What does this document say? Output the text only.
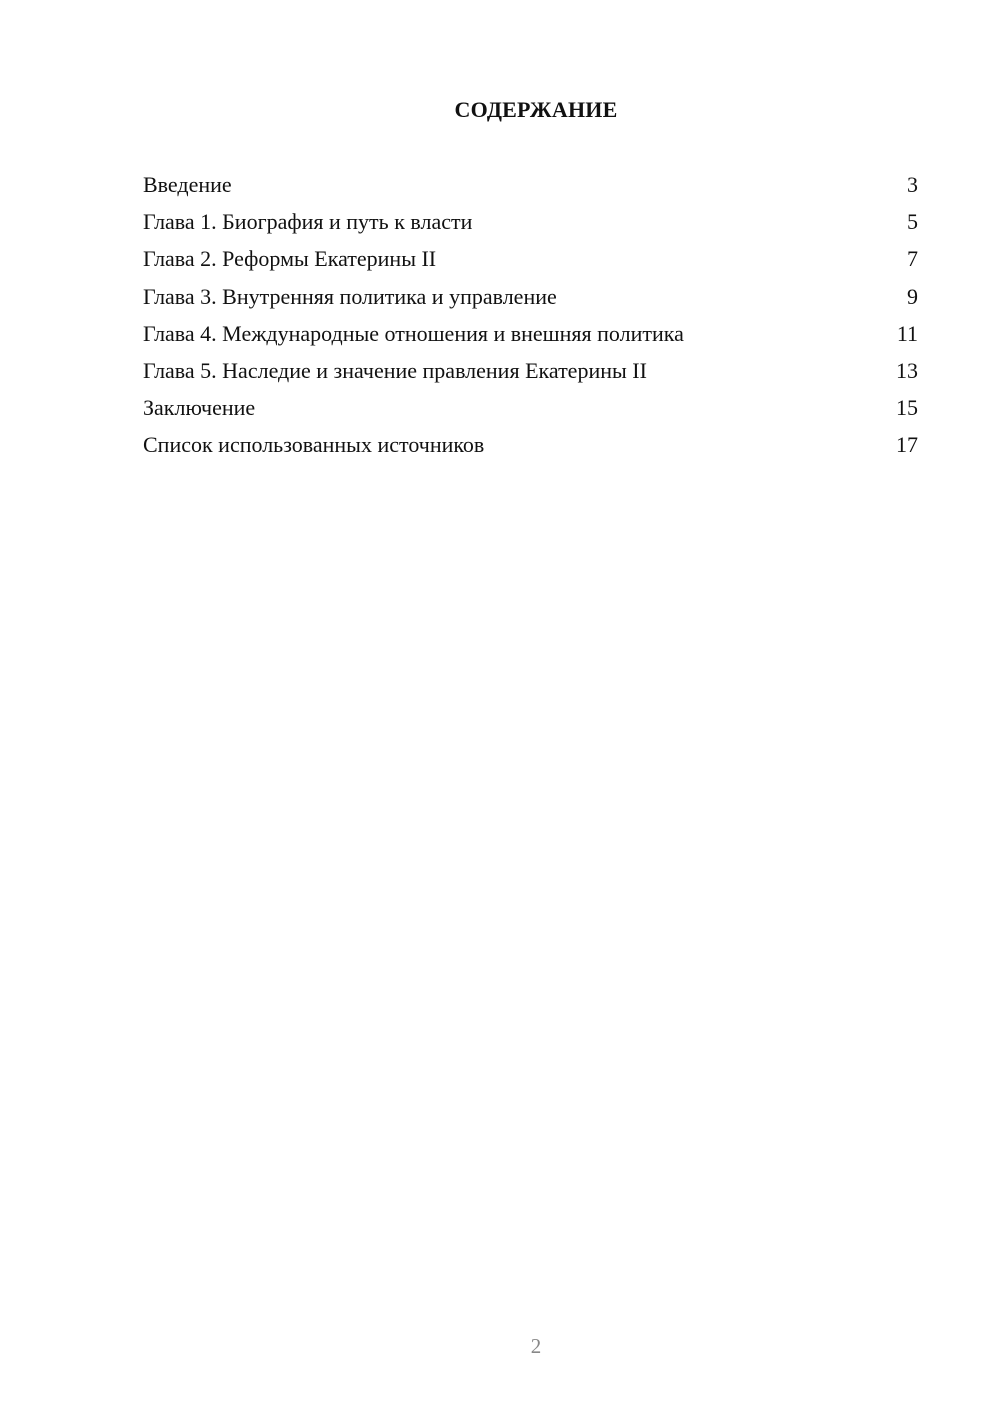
СОДЕРЖАНИЕ
Введение	3
Глава 1. Биография и путь к власти	5
Глава 2. Реформы Екатерины II	7
Глава 3. Внутренняя политика и управление	9
Глава 4. Международные отношения и внешняя политика	11
Глава 5. Наследие и значение правления Екатерины II	13
Заключение	15
Список использованных источников	17
2
